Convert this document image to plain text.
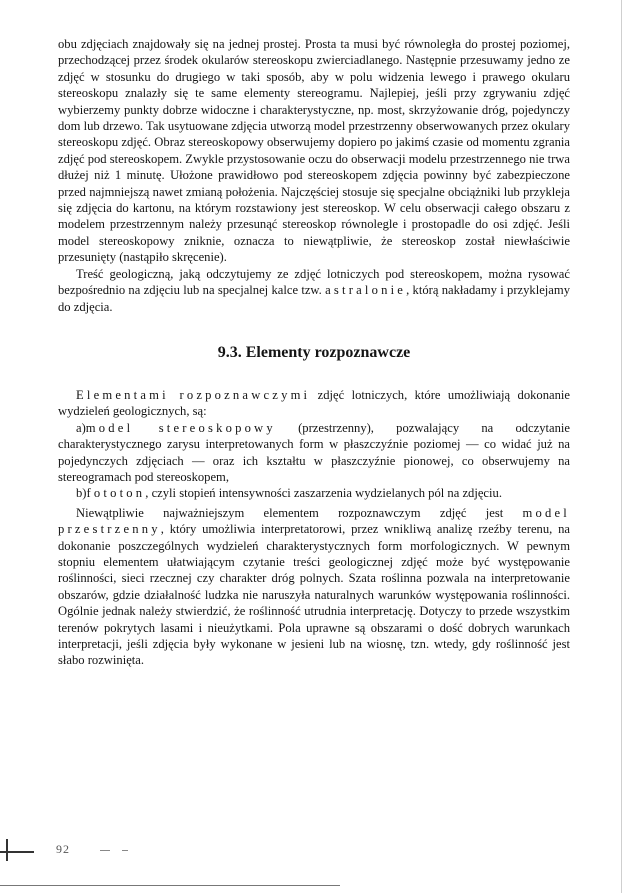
obu zdjęciach znajdowały się na jednej prostej. Prosta ta musi być równoległa do prostej poziomej, przechodzącej przez środek okularów stereoskopu zwierciadlanego. Następnie przesuwamy jedno ze zdjęć w stosunku do drugiego w taki sposób, aby w polu widzenia lewego i prawego okularu stereoskopu znalazły się te same elementy stereogramu. Najlepiej, jeśli przy zgrywaniu zdjęć wybierzemy punkty dobrze widoczne i charakterystyczne, np. most, skrzyżowanie dróg, pojedynczy dom lub drzewo. Tak usytuowane zdjęcia utworzą model przestrzenny obserwowanych przez okulary stereoskopu zdjęć. Obraz stereoskopowy obserwujemy dopiero po jakimś czasie od momentu zgrania zdjęć pod stereoskopem. Zwykle przystosowanie oczu do obserwacji modelu przestrzennego nie trwa dłużej niż 1 minutę. Ułożone prawidłowo pod stereoskopem zdjęcia powinny być zabezpieczone przed najmniejszą nawet zmianą położenia. Najczęściej stosuje się specjalne obciążniki lub przykleja się zdjęcia do kartonu, na którym rozstawiony jest stereoskop. W celu obserwacji całego obszaru z modelem przestrzennym należy przesunąć stereoskop równolegle i prostopadle do osi zdjęć. Jeśli model stereoskopowy zniknie, oznacza to niewątpliwie, że stereoskop został niewłaściwie przesunięty (nastąpiło skręcenie).

Treść geologiczną, jaką odczytujemy ze zdjęć lotniczych pod stereoskopem, można rysować bezpośrednio na zdjęciu lub na specjalnej kalce tzw. astralonie, którą nakładamy i przyklejamy do zdjęcia.

9.3. Elementy rozpoznawcze

Elementami rozpoznawczymi zdjęć lotniczych, które umożliwiają dokonanie wydzieleń geologicznych, są:

a)model stereoskopowy (przestrzenny), pozwalający na odczytanie charakterystycznego zarysu interpretowanych form w płaszczyźnie poziomej — co widać już na pojedynczych zdjęciach — oraz ich kształtu w płaszczyźnie pionowej, co obserwujemy na stereogramach pod stereoskopem,

b)fototon, czyli stopień intensywności zaszarzenia wydzielanych pól na zdjęciu.

Niewątpliwie najważniejszym elementem rozpoznawczym zdjęć jest model przestrzenny, który umożliwia interpretatorowi, przez wnikliwą analizę rzeźby terenu, na dokonanie poszczególnych wydzieleń charakterystycznych form morfologicznych. W pewnym stopniu elementem ułatwiającym czytanie treści geologicznej zdjęć może być występowanie roślinności, sieci rzecznej czy charakter dróg polnych. Szata roślinna pozwala na interpretowanie obszarów, gdzie działalność ludzka nie naruszyła naturalnych warunków występowania roślinności. Ogólnie jednak należy stwierdzić, że roślinność utrudnia interpretację. Dotyczy to przede wszystkim terenów pokrytych lasami i nieużytkami. Pola uprawne są obszarami o dość dobrych warunkach interpretacji, jeśli zdjęcia były wykonane w jesieni lub na wiosnę, tzn. wtedy, gdy roślinność jest słabo rozwinięta.

92
